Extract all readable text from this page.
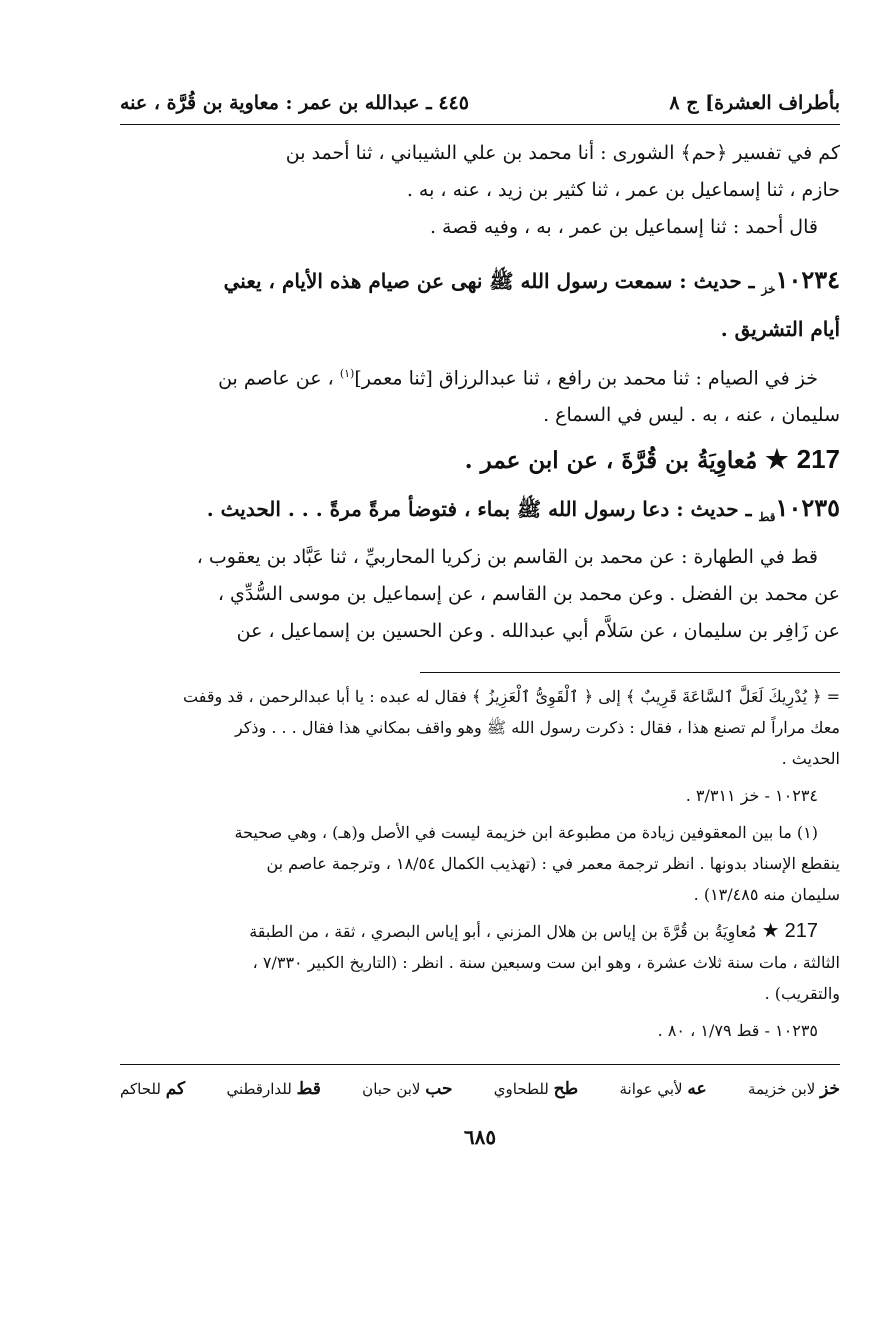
بأطراف العشرة] ج ٨
٤٤٥ ـ عبدالله بن عمر : معاوية بن قُرَّة ، عنه
كم في تفسير ﴿حم﴾ الشورى : أنا محمد بن علي الشيباني ، ثنا أحمد بن
حازم ، ثنا إسماعيل بن عمر ، ثنا كثير بن زيد ، عنه ، به .
قال أحمد : ثنا إسماعيل بن عمر ، به ، وفيه قصة .
$١٠٢٣٤_{خز}$ ـ حديث : سمعت رسول الله ﷺ نهى عن صيام هذه الأيام ، يعني
أيام التشريق .
خز في الصيام : ثنا محمد بن رافع ، ثنا عبدالرزاق [ثنا معمر]$^{(١)}$ ، عن عاصم بن
سليمان ، عنه ، به . ليس في السماع .
217 ★ مُعاوِيَةُ بن قُرَّةَ ، عن ابن عمر .
$١٠٢٣٥_{قط}$ ـ حديث : دعا رسول الله ﷺ بماء ، فتوضأ مرةً مرةً . . . الحديث .
قط في الطهارة : عن محمد بن القاسم بن زكريا المحاربيِّ ، ثنا عَبَّاد بن يعقوب ،
عن محمد بن الفضل . وعن محمد بن القاسم ، عن إسماعيل بن موسى السُّدِّي ،
عن زَافِر بن سليمان ، عن سَلاَّم أبي عبدالله . وعن الحسين بن إسماعيل ، عن
= ﴿ يُدْرِيكَ لَعَلَّ ٱلسَّاعَةَ قَرِيبٌ ﴾ إلى ﴿ ٱلْقَوِىُّ ٱلْعَزِيزُ ﴾ فقال له عبده : يا أبا عبدالرحمن ، قد وقفت
معك مراراً لم تصنع هذا ، فقال : ذكرت رسول الله ﷺ وهو واقف بمكاني هذا فقال . . . وذكر
الحديث .
١٠٢٣٤ - خز ٣/٣١١ .
(١) ما بين المعقوفين زيادة من مطبوعة ابن خزيمة ليست في الأصل و(هـ) ، وهي صحيحة
ينقطع الإسناد بدونها . انظر ترجمة معمر في : (تهذيب الكمال ١٨/٥٤ ، وترجمة عاصم بن
سليمان منه ١٣/٤٨٥) .
217 ★ مُعاوِيَةُ بن قُرَّةَ بن إياس بن هلال المزني ، أبو إياس البصري ، ثقة ، من الطبقة
الثالثة ، مات سنة ثلاث عشرة ، وهو ابن ست وسبعين سنة . انظر : (التاريخ الكبير ٧/٣٣٠ ،
والتقريب) .
١٠٢٣٥ - قط ١/٧٩ ، ٨٠ .
خز لابن خزيمة
عه لأبي عوانة
طح للطحاوي
حب لابن حبان
قط للدارقطني
كم للحاكم
٦٨٥
